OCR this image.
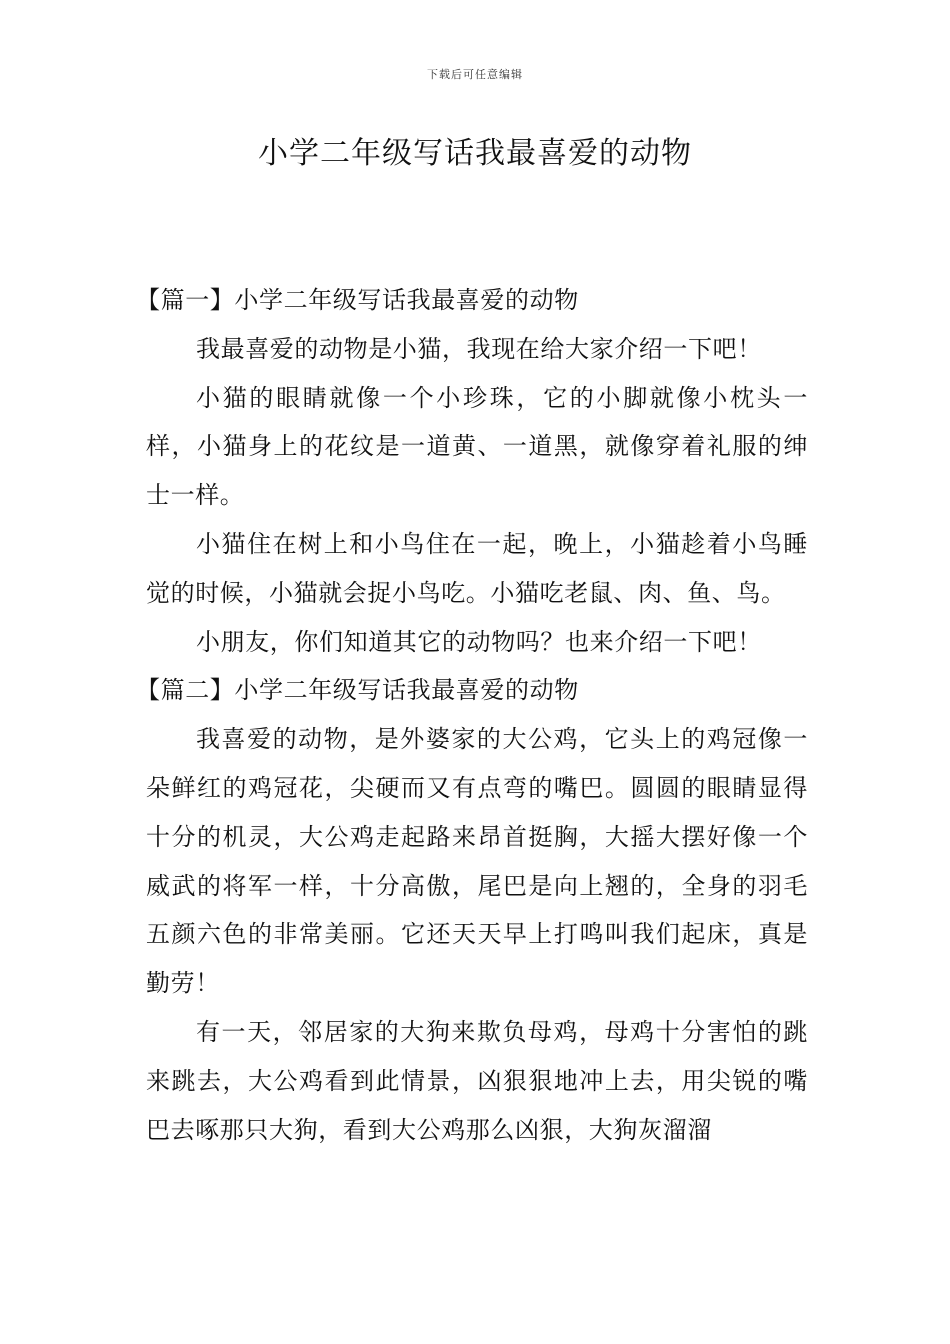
下载后可任意编辑
小学二年级写话我最喜爱的动物

【篇一】小学二年级写话我最喜爱的动物

我最喜爱的动物是小猫，我现在给大家介绍一下吧！

小猫的眼睛就像一个小珍珠，它的小脚就像小枕头一样，小猫身上的花纹是一道黄、一道黑，就像穿着礼服的绅士一样。

小猫住在树上和小鸟住在一起，晚上，小猫趁着小鸟睡觉的时候，小猫就会捉小鸟吃。小猫吃老鼠、肉、鱼、鸟。

小朋友，你们知道其它的动物吗？也来介绍一下吧！

【篇二】小学二年级写话我最喜爱的动物

我喜爱的动物，是外婆家的大公鸡，它头上的鸡冠像一朵鲜红的鸡冠花，尖硬而又有点弯的嘴巴。圆圆的眼睛显得十分的机灵，大公鸡走起路来昂首挺胸，大摇大摆好像一个威武的将军一样，十分高傲，尾巴是向上翘的，全身的羽毛五颜六色的非常美丽。它还天天早上打鸣叫我们起床，真是勤劳！

有一天，邻居家的大狗来欺负母鸡，母鸡十分害怕的跳来跳去，大公鸡看到此情景，凶狠狠地冲上去，用尖锐的嘴巴去啄那只大狗，看到大公鸡那么凶狠，大狗灰溜溜
